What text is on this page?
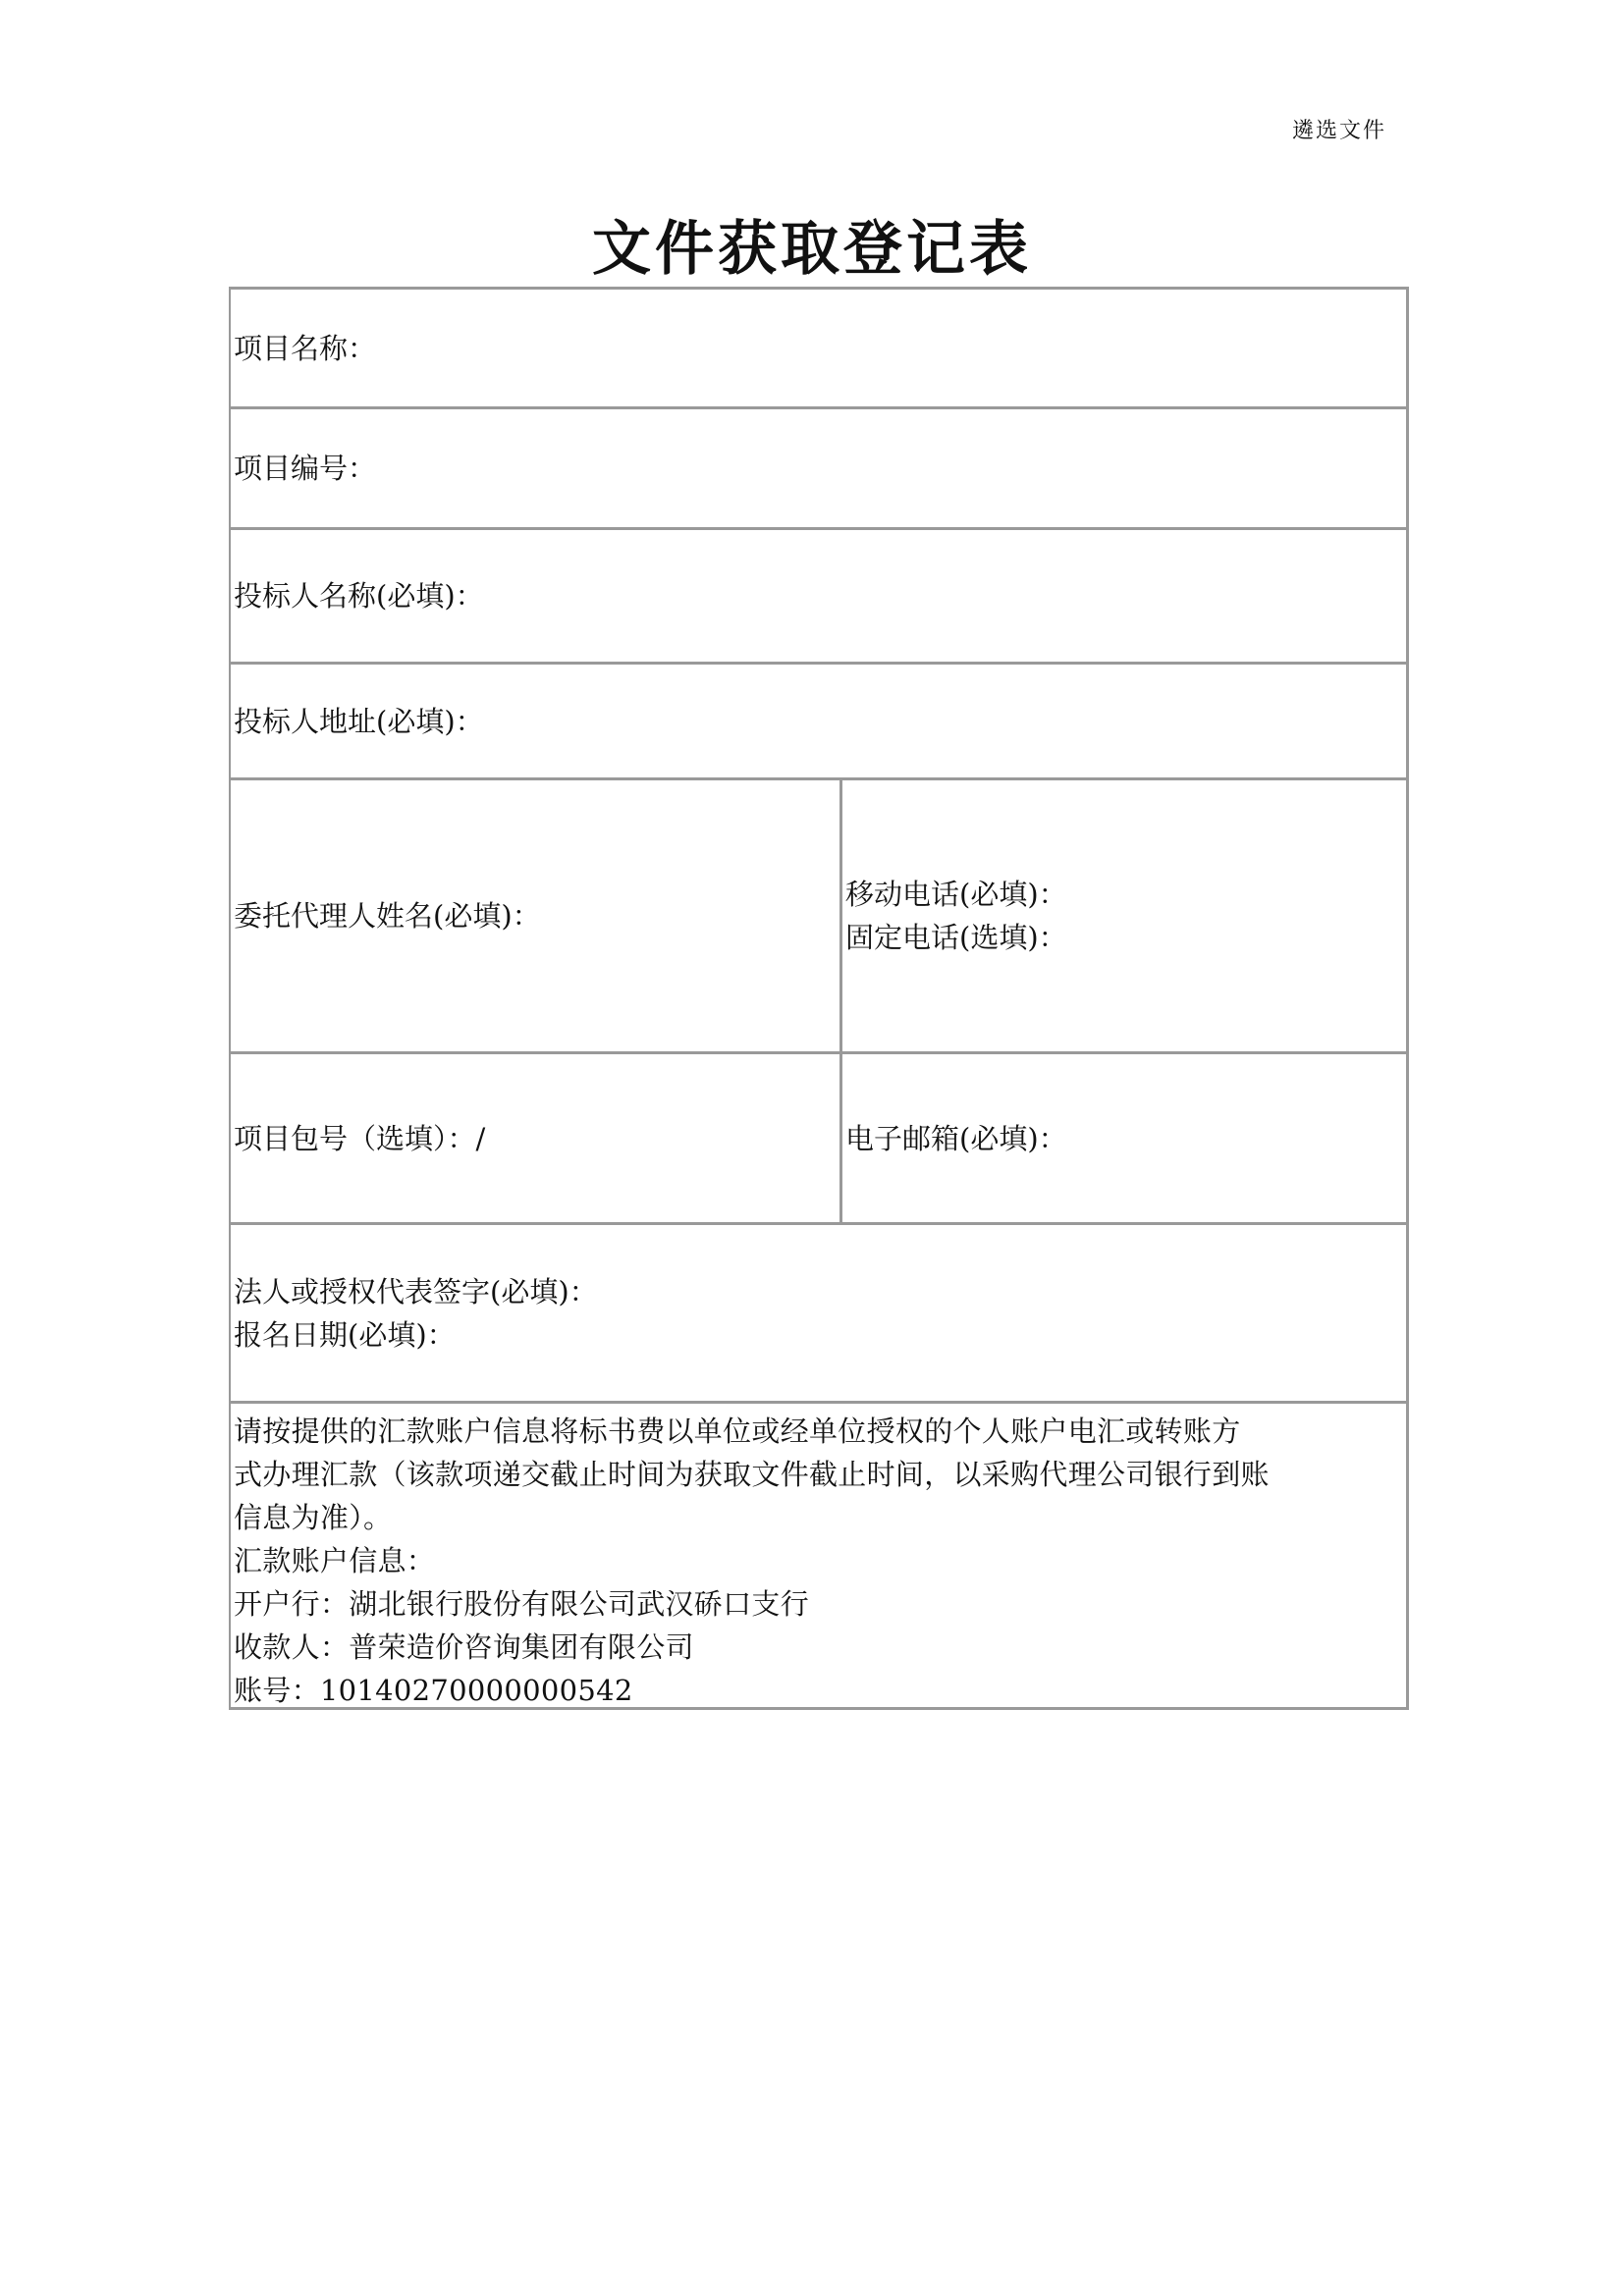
遴选文件
文件获取登记表
项目名称：
项目编号：
投标人名称(必填)：
投标人地址(必填)：
委托代理人姓名(必填)：
移动电话(必填)：
固定电话(选填)：
项目包号（选填）：/	电子邮箱(必填)：
法人或授权代表签字(必填)：
报名日期(必填)：
请按提供的汇款账户信息将标书费以单位或经单位授权的个人账户电汇或转账方
式办理汇款（该款项递交截止时间为获取文件截止时间，以采购代理公司银行到账
信息为准）。
汇款账户信息：
开户行：湖北银行股份有限公司武汉硚口支行
收款人：普荣造价咨询集团有限公司
账号：10140270000000542
